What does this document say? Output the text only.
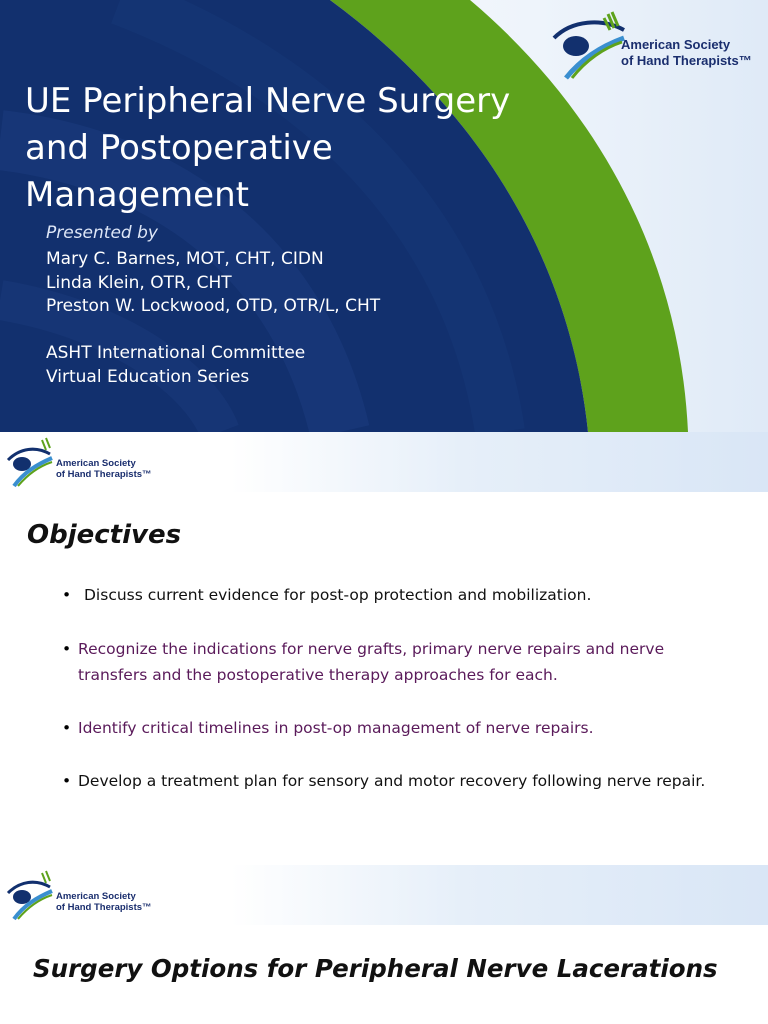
American Society
of Hand Therapists™
UE Peripheral Nerve Surgery and Postoperative Management
Presented by
Mary C. Barnes, MOT, CHT, CIDN
Linda Klein, OTR, CHT
Preston W. Lockwood, OTD, OTR/L, CHT
ASHT International Committee
Virtual Education Series
American Society
of Hand Therapists™
Objectives
• Discuss current evidence for post-op protection and mobilization.
• Recognize the indications for nerve grafts, primary nerve repairs and nerve transfers and the postoperative therapy approaches for each.
• Identify critical timelines in post-op management of nerve repairs.
• Develop a treatment plan for sensory and motor recovery following nerve repair.
American Society
of Hand Therapists™
Surgery Options for Peripheral Nerve Lacerations
